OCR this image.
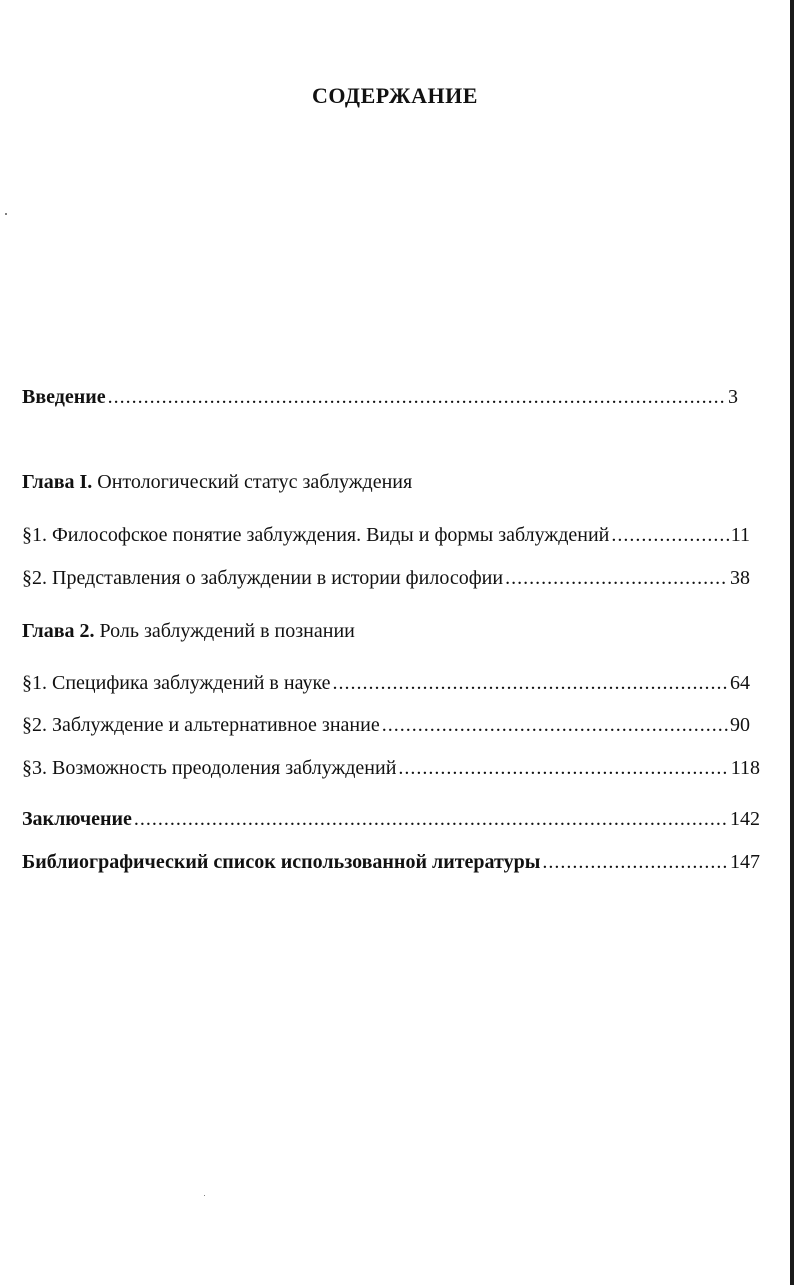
СОДЕРЖАНИЕ
Введение .....	3
Глава I. Онтологический статус заблуждения
§1. Философское понятие заблуждения. Виды и формы заблуждений .....	11
§2. Представления о заблуждении в истории философии .....	38
Глава 2. Роль заблуждений в познании
§1. Специфика заблуждений в науке .....	64
§2. Заблуждение и альтернативное знание .....	90
§3. Возможность преодоления заблуждений .....	118
Заключение .....	142
Библиографический список использованной литературы .....	147
